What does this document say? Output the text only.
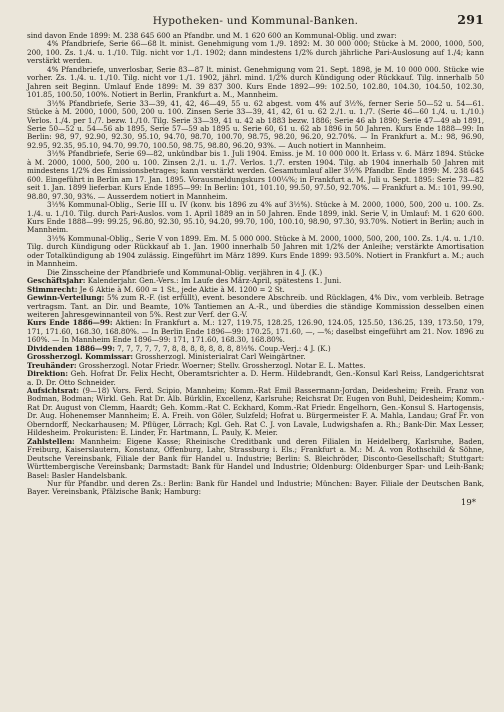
Hypotheken- und Kommunal-Banken.	291

sind davon Ende 1899: M. 238 645 600 an Pfandbr. und M. 1 620 600 an Kommunal-Oblig. und zwar:

4% Pfandbriefe, Serie 66—68 lt. minist. Genehmigung vom 1./9. 1892: M. 30 000 000; Stücke à M. 2000, 1000, 500, 200, 100. Zs. 1./4. u. 1./10. Tilg. nicht vor 1./1. 1902; dann mindestens 1/2% durch jährliche Pari-Auslosung auf 1./4; kann verstärkt werden.

4% Pfandbriefe, unverlosbar, Serie 83—87 lt. minist. Genehmigung vom 21. Sept. 1898, je M. 10 000 000. Stücke wie vorher. Zs. 1./4. u. 1./10. Tilg. nicht vor 1./1. 1902, jährl. mind. 1/2% durch Kündigung oder Rückkauf. Tilg. innerhalb 50 Jahren seit Beginn. Umlauf Ende 1899: M. 39 837 300. Kurs Ende 1892—99: 102.50, 102.80, 104.30, 104.50, 102.30, 101.85, 100.50, 100%. Notiert in Berlin, Frankfurt a. M., Mannheim.

3½% Pfandbriefe, Serie 33—39, 41, 42, 46—49, 55 u. 62 abgest. vom 4% auf 3½%, ferner Serie 50—52 u. 54—61. Stücke à M. 2000, 1000, 500, 200 u. 100. Zinsen Serie 33—39, 41, 42, 61 u. 62 2./1. u. 1./7. (Serie 46—60 1./4. u. 1./10.) Verlos. 1./4. per 1./7. bezw. 1./10. Tilg. Serie 33—39, 41 u. 42 ab 1883 bezw. 1886; Serie 46 ab 1890; Serie 47—49 ab 1891, Serie 50—52 u. 54—56 ab 1895, Serie 57—59 ab 1895 u. Serie 60, 61 u. 62 ab 1896 in 50 Jahren. Kurs Ende 1888—99: In Berlin: 98, 97, 92.90, 92.30, 95.10, 94.70, 98.70, 100.70, 98.75, 98.20, 96.20, 92.70%. — In Frankfurt a. M.: 98, 96.90, 92.95, 92.35, 95.10, 94.70, 99.70, 100.50, 98.75, 98.80, 96.20, 93%. — Auch notiert in Mannheim.

3½% Pfandbriefe, Serie 69—82, unkündbar bis 1. Juli 1904. Emiss. je M. 10 000 000 lt. Erlass v. 6. März 1894. Stücke à M. 2000, 1000, 500, 200 u. 100. Zinsen 2./1. u. 1./7. Verlos. 1./7. ersten 1904. Tilg. ab 1904 innerhalb 50 Jahren mit mindestens 1/2% des Emissionsbetrages; kann verstärkt werden. Gesamtumlauf aller 3½% Pfandbr. Ende 1899: M. 238 645 600. Eingeführt in Berlin am 17. Jan. 1895. Vorausmeldungskurs 100¼%; in Frankfurt a. M. Juli u. Sept. 1895: Serie 73—82 seit 1. Jan. 1899 lieferbar. Kurs Ende 1895—99: In Berlin: 101, 101.10, 99.50, 97.50, 92.70%. — Frankfurt a. M.: 101, 99.90, 98.80, 97.30, 93%. — Ausserdem notiert in Mannheim.

3½% Kommunal-Oblig., Serie III u. IV (konv. bis 1896 zu 4% auf 3½%). Stücke à M. 2000, 1000, 500, 200 u. 100. Zs. 1./4. u. 1./10. Tilg. durch Pari-Auslos. vom 1. April 1889 an in 50 Jahren. Ende 1899, inkl. Serie V, in Umlauf: M. 1 620 600. Kurs Ende 1888—99: 99.25, 96.80, 92.30, 95.10, 94.20, 99.70, 100, 100.10, 98.90, 97.30, 93.70%. Notiert in Berlin; auch in Mannheim.

3½% Kommunal-Oblig., Serie V von 1899. Em. M. 5 000 000. Stücke à M. 2000, 1000, 500, 200, 100. Zs. 1./4. u. 1./10. Tilg. durch Kündigung oder Rückkauf ab 1. Jan. 1900 innerhalb 50 Jahren mit 1/2% der Anleihe; verstärkte Amortisation oder Totalkündigung ab 1904 zulässig. Eingeführt im März 1899. Kurs Ende 1899: 93.50%. Notiert in Frankfurt a. M.; auch in Mannheim.

Die Zinsscheine der Pfandbriefe und Kommunal-Oblig. verjähren in 4 J. (K.)

Geschäftsjahr: Kalenderjahr. Gen.-Vers.: Im Laufe des März-April, spätestens 1. Juni.

Stimmrecht: Je 6 Aktie à M. 600 = 1 St., jede Aktie à M. 1200 = 2 St.

Gewinn-Verteilung: 5% zum R.-F. (ist erfüllt), event. besondere Abschreib. und Rücklagen, 4% Div., vom verbleib. Betrage vertragsm. Tant. an Dir. und Beamte, 10% Tantiemen an A.-R., und überdies die ständige Kommission desselben einen weiteren Jahresgewinnanteil von 5%. Rest zur Verf. der G.-V.

Kurs Ende 1886—99: Aktien: In Frankfurt a. M.: 127, 119.75, 128.25, 126.90, 124.05, 125.50, 136.25, 139, 173.50, 179, 171, 171.60, 168.30, 168.80%. — In Berlin Ende 1896—99: 170.25, 171.60, —, —%; daselbst eingeführt am 21. Nov. 1896 zu 160%. — In Mannheim Ende 1896—99: 171, 171.60, 168.30, 168.80%.

Dividenden 1886—99: 7, 7, 7, 7, 7, 7, 8, 8, 8, 8, 8, 8, 8, 8½%. Coup.-Verj.: 4 J. (K.)

Grossherzogl. Kommissar: Grossherzogl. Ministerialrat Carl Weingärtner.

Treuhänder: Grossherzogl. Notar Friedr. Woerner; Stellv. Grossherzogl. Notar E. L. Mattes.

Direktion: Geh. Hofrat Dr. Felix Hecht, Oberamtsrichter a. D. Herm. Hildebrandt, Gen.-Konsul Karl Reiss, Landgerichtsrat a. D. Dr. Otto Schneider.

Aufsichtsrat: (9—18) Vors. Ferd. Scipio, Mannheim; Komm.-Rat Emil Bassermann-Jordan, Deidesheim; Freih. Franz von Bodman, Bodman; Wirkl. Geh. Rat Dr. Alb. Bürklin, Excellenz, Karlsruhe; Reichsrat Dr. Eugen von Buhl, Deidesheim; Komm.-Rat Dr. August von Clemm, Haardt; Geh. Komm.-Rat C. Eckhard, Komm.-Rat Friedr. Engelhorn, Gen.-Konsul S. Hartogensis, Dr. Aug. Hohenemser Mannheim; E. A. Freih. von Göler, Sulzfeld; Hofrat u. Bürgermeister F. A. Mahla, Landau; Graf Fr. von Oberndorff, Neckarhausen; M. Pflüger, Lörrach; Kgl. Geh. Rat C. J. von Lavale, Ludwigshafen a. Rh.; Bank-Dir. Max Lesser, Hildesheim. Prokuristen: E. Linder, Fr. Hartmann, L. Pauly, K. Meier.

Zahlstellen: Mannheim: Eigene Kasse; Rheinische Creditbank und deren Filialen in Heidelberg, Karlsruhe, Baden, Freiburg, Kaiserslautern, Konstanz, Offenburg, Lahr, Strassburg i. Els.; Frankfurt a. M.: M. A. von Rothschild & Söhne, Deutsche Vereinsbank, Filiale der Bank für Handel u. Industrie; Berlin: S. Bleichröder, Disconto-Gesellschaft; Stuttgart: Württembergische Vereinsbank; Darmstadt: Bank für Handel und Industrie; Oldenburg: Oldenburger Spar- und Leih-Bank; Basel: Basler Handelsbank.

Nur für Pfandbr. und deren Zs.: Berlin: Bank für Handel und Industrie; München: Bayer. Filiale der Deutschen Bank, Bayer. Vereinsbank, Pfälzische Bank; Hamburg:

19*
